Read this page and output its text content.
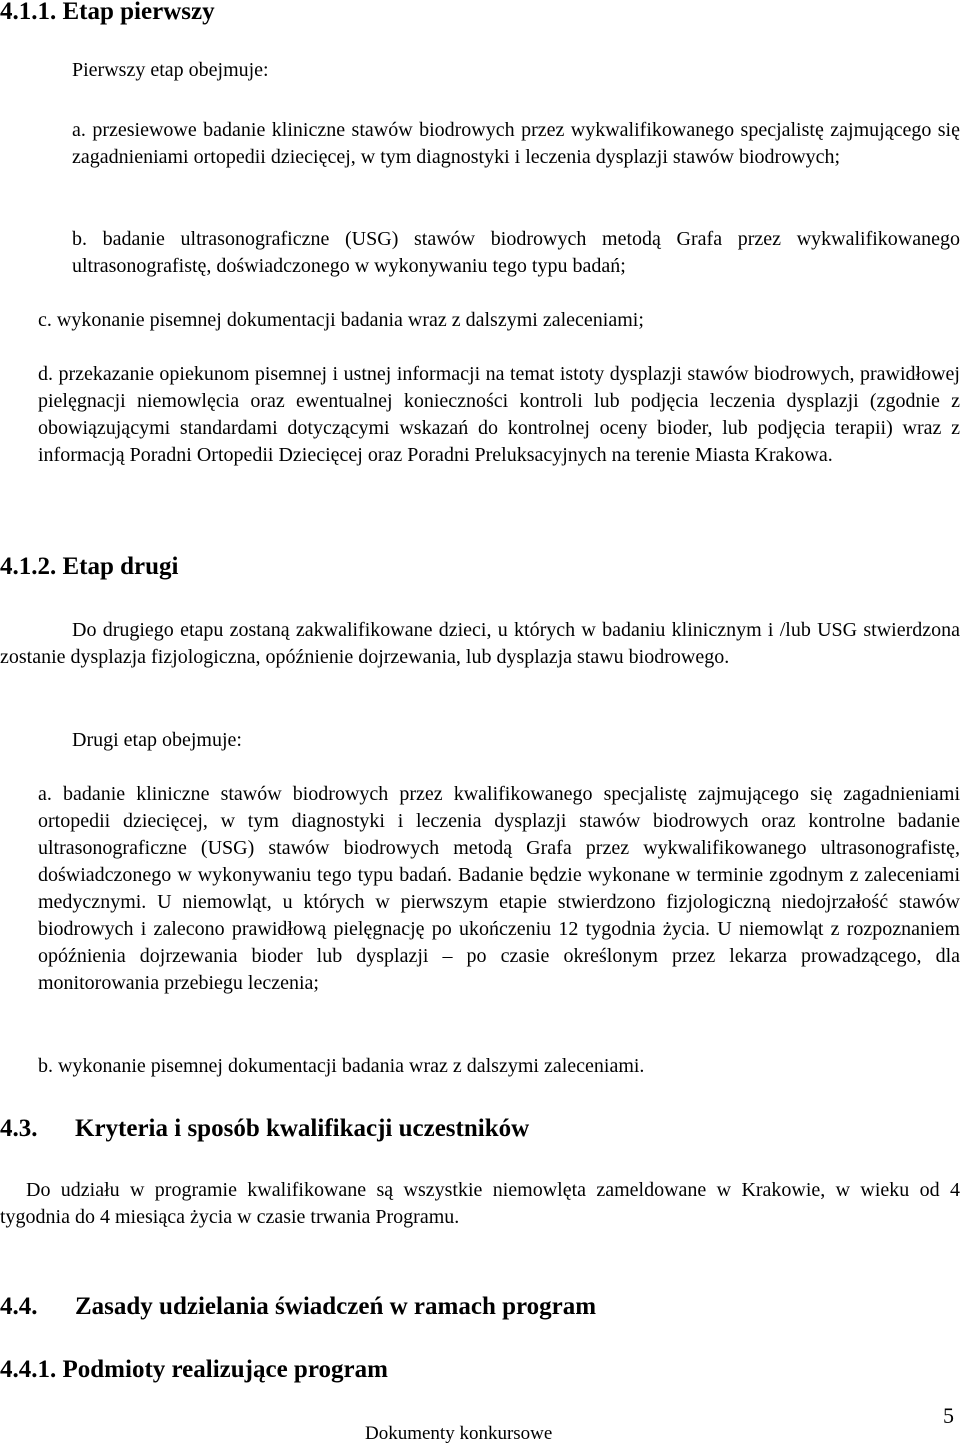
4.1.1. Etap pierwszy
Pierwszy etap obejmuje:
a. przesiewowe badanie kliniczne stawów biodrowych przez wykwalifikowanego specjalistę zajmującego się zagadnieniami ortopedii dziecięcej, w tym diagnostyki i leczenia dysplazji stawów biodrowych;
b. badanie ultrasonograficzne (USG) stawów biodrowych metodą Grafa przez wykwalifikowanego ultrasonografistę, doświadczonego w wykonywaniu tego typu badań;
c. wykonanie pisemnej dokumentacji badania wraz z dalszymi zaleceniami;
d. przekazanie opiekunom pisemnej i ustnej informacji na temat istoty dysplazji stawów biodrowych, prawidłowej pielęgnacji niemowlęcia oraz ewentualnej konieczności kontroli lub podjęcia leczenia dysplazji (zgodnie z obowiązującymi standardami dotyczącymi wskazań do kontrolnej oceny bioder, lub podjęcia terapii) wraz z informacją Poradni Ortopedii Dziecięcej oraz Poradni Preluksacyjnych na terenie Miasta Krakowa.
4.1.2. Etap drugi
Do drugiego etapu zostaną zakwalifikowane dzieci, u których w badaniu klinicznym i /lub USG stwierdzona zostanie dysplazja fizjologiczna, opóźnienie dojrzewania, lub dysplazja stawu biodrowego.
Drugi etap obejmuje:
a. badanie kliniczne stawów biodrowych przez kwalifikowanego specjalistę zajmującego się zagadnieniami ortopedii dziecięcej, w tym diagnostyki i leczenia dysplazji stawów biodrowych oraz kontrolne badanie ultrasonograficzne (USG) stawów biodrowych metodą Grafa przez wykwalifikowanego ultrasonografistę, doświadczonego w wykonywaniu tego typu badań. Badanie będzie wykonane w terminie zgodnym z zaleceniami medycznymi. U niemowląt, u których w pierwszym etapie stwierdzono fizjologiczną niedojrzałość stawów biodrowych i zalecono prawidłową pielęgnację po ukończeniu 12 tygodnia życia. U niemowląt z rozpoznaniem opóźnienia dojrzewania bioder lub dysplazji – po czasie określonym przez lekarza prowadzącego, dla monitorowania przebiegu leczenia;
b. wykonanie pisemnej dokumentacji badania wraz z dalszymi zaleceniami.
4.3. Kryteria i sposób kwalifikacji uczestników
Do udziału w programie kwalifikowane są wszystkie niemowlęta zameldowane w Krakowie, w wieku od 4 tygodnia do 4 miesiąca życia w czasie trwania Programu.
4.4. Zasady udzielania świadczeń w ramach program
4.4.1. Podmioty realizujące program
5
Dokumenty konkursowe
